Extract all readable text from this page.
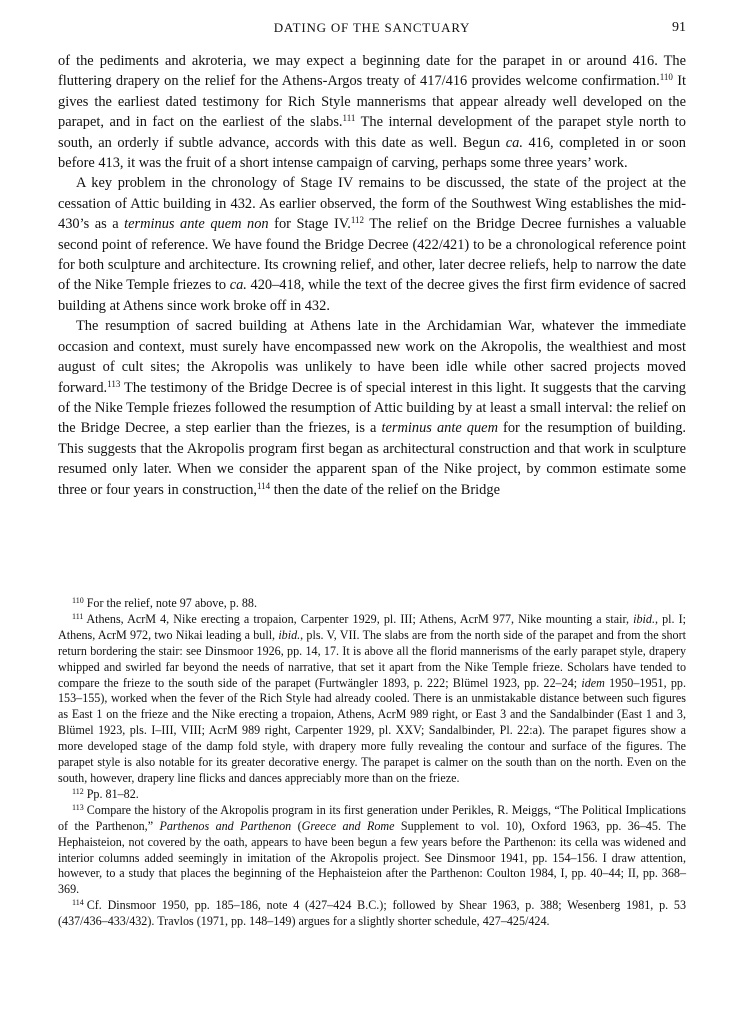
DATING OF THE SANCTUARY	91

of the pediments and akroteria, we may expect a beginning date for the parapet in or around 416. The fluttering drapery on the relief for the Athens-Argos treaty of 417/416 provides welcome confirmation.$^{110}$ It gives the earliest dated testimony for Rich Style mannerisms that appear already well developed on the parapet, and in fact on the earliest of the slabs.$^{111}$ The internal development of the parapet style north to south, an orderly if subtle advance, accords with this date as well. Begun ca. 416, completed in or soon before 413, it was the fruit of a short intense campaign of carving, perhaps some three years’ work.

A key problem in the chronology of Stage IV remains to be discussed, the state of the project at the cessation of Attic building in 432. As earlier observed, the form of the Southwest Wing establishes the mid-430’s as a terminus ante quem non for Stage IV.$^{112}$ The relief on the Bridge Decree furnishes a valuable second point of reference. We have found the Bridge Decree (422/421) to be a chronological reference point for both sculpture and architecture. Its crowning relief, and other, later decree reliefs, help to narrow the date of the Nike Temple friezes to ca. 420–418, while the text of the decree gives the first firm evidence of sacred building at Athens since work broke off in 432.

The resumption of sacred building at Athens late in the Archidamian War, whatever the immediate occasion and context, must surely have encompassed new work on the Akropolis, the wealthiest and most august of cult sites; the Akropolis was unlikely to have been idle while other sacred projects moved forward.$^{113}$ The testimony of the Bridge Decree is of special interest in this light. It suggests that the carving of the Nike Temple friezes followed the resumption of Attic building by at least a small interval: the relief on the Bridge Decree, a step earlier than the friezes, is a terminus ante quem for the resumption of building. This suggests that the Akropolis program first began as architectural construction and that work in sculpture resumed only later. When we consider the apparent span of the Nike project, by common estimate some three or four years in construction,$^{114}$ then the date of the relief on the Bridge

$^{110}$ For the relief, note 97 above, p. 88.

$^{111}$ Athens, AcrM 4, Nike erecting a tropaion, Carpenter 1929, pl. III; Athens, AcrM 977, Nike mounting a stair, ibid., pl. I; Athens, AcrM 972, two Nikai leading a bull, ibid., pls. V, VII. The slabs are from the north side of the parapet and from the short return bordering the stair: see Dinsmoor 1926, pp. 14, 17. It is above all the florid mannerisms of the early parapet style, drapery whipped and swirled far beyond the needs of narrative, that set it apart from the Nike Temple frieze. Scholars have tended to compare the frieze to the south side of the parapet (Furtwängler 1893, p. 222; Blümel 1923, pp. 22–24; idem 1950–1951, pp. 153–155), worked when the fever of the Rich Style had already cooled. There is an unmistakable distance between such figures as East 1 on the frieze and the Nike erecting a tropaion, Athens, AcrM 989 right, or East 3 and the Sandalbinder (East 1 and 3, Blümel 1923, pls. I–III, VIII; AcrM 989 right, Carpenter 1929, pl. XXV; Sandalbinder, Pl. 22:a). The parapet figures show a more developed stage of the damp fold style, with drapery more fully revealing the contour and surface of the figures. The parapet style is also notable for its greater decorative energy. The parapet is calmer on the south than on the north. Even on the south, however, drapery line flicks and dances appreciably more than on the frieze.

$^{112}$ Pp. 81–82.

$^{113}$ Compare the history of the Akropolis program in its first generation under Perikles, R. Meiggs, “The Political Implications of the Parthenon,” Parthenos and Parthenon (Greece and Rome Supplement to vol. 10), Oxford 1963, pp. 36–45. The Hephaisteion, not covered by the oath, appears to have been begun a few years before the Parthenon: its cella was widened and interior columns added seemingly in imitation of the Akropolis project. See Dinsmoor 1941, pp. 154–156. I draw attention, however, to a study that places the beginning of the Hephaisteion after the Parthenon: Coulton 1984, I, pp. 40–44; II, pp. 368–369.

$^{114}$ Cf. Dinsmoor 1950, pp. 185–186, note 4 (427–424 B.C.); followed by Shear 1963, p. 388; Wesenberg 1981, p. 53 (437/436–433/432). Travlos (1971, pp. 148–149) argues for a slightly shorter schedule, 427–425/424.
